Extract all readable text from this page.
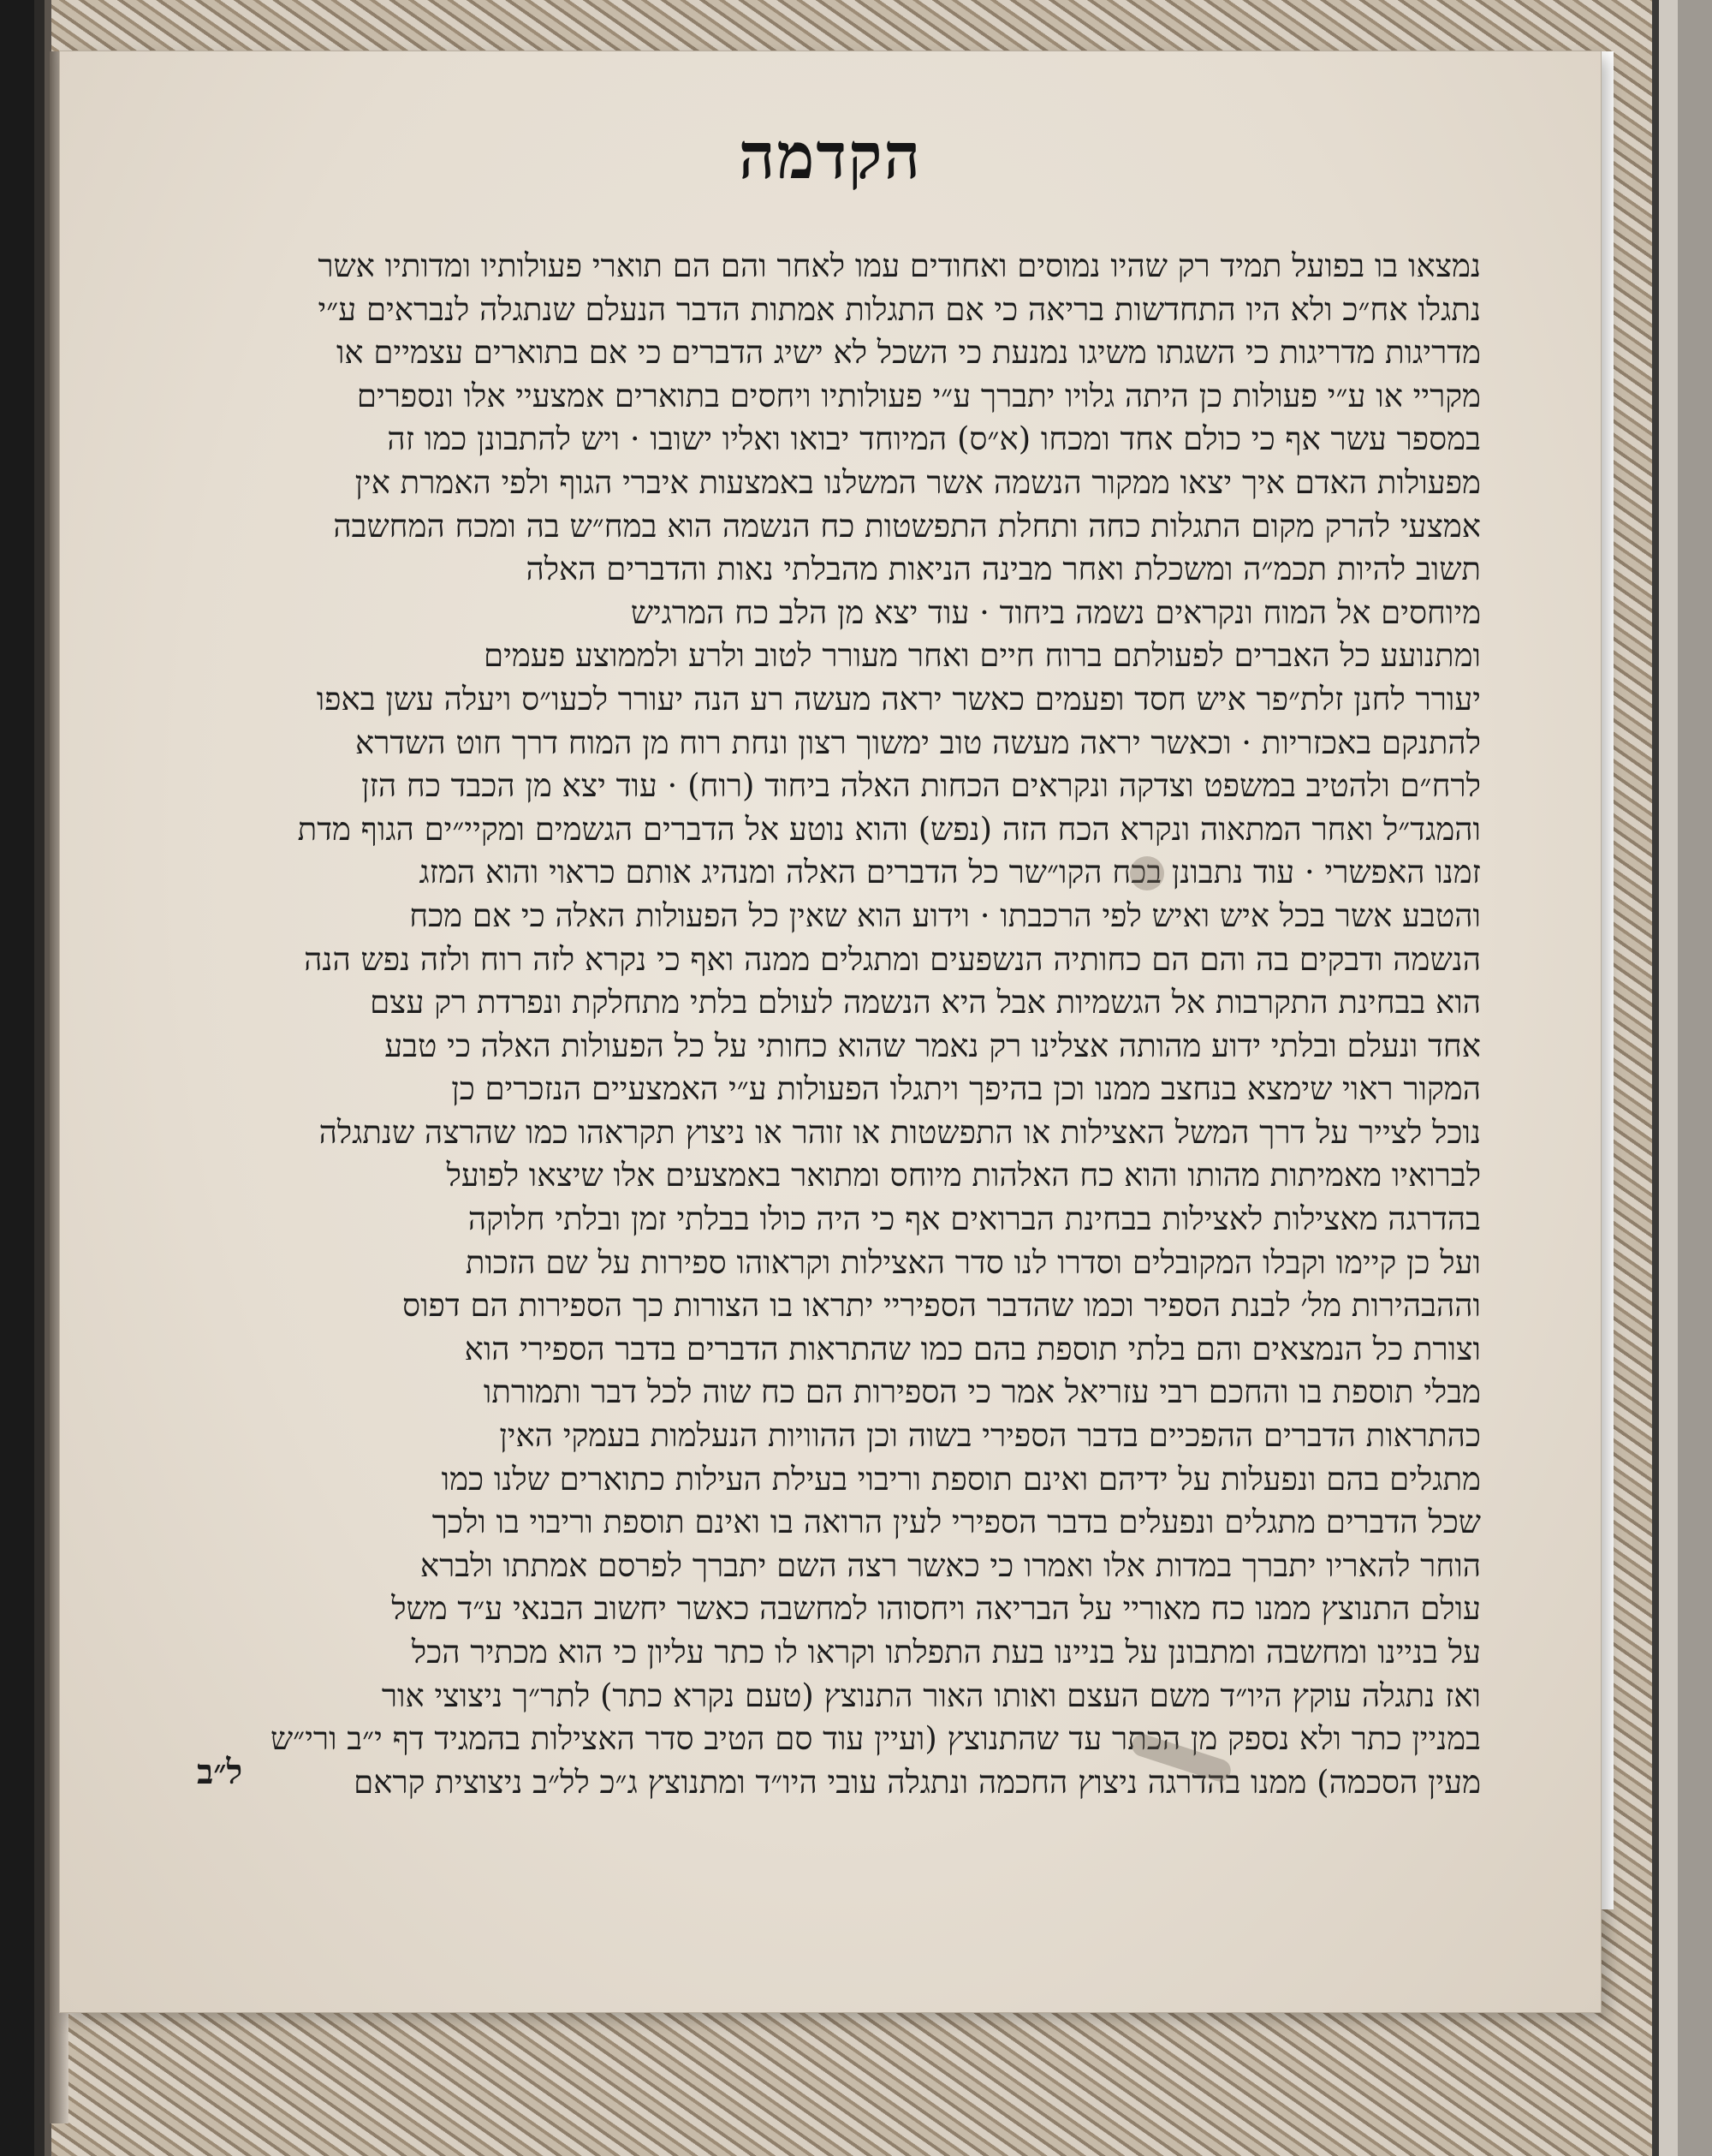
הקדמה
נמצאו בו בפועל תמיד רק שהיו נמוסים ואחודים עמו לאחר והם הם תוארי פעולותיו ומדותיו אשר
נתגלו אח״כ ולא היו התחדשות בריאה כי אם התגלות אמתות הדבר הנעלם שנתגלה לנבראים ע״י
מדריגות מדריגות כי השגתו משיגו נמנעת כי השכל לא ישיג הדברים כי אם בתוארים עצמיים או
מקריי או ע״י פעולות כן היתה גלויו יתברך ע״י פעולותיו ויחסים בתוארים אמצעיי אלו ונספרים
במספר עשר אף כי כולם אחד ומכחו (א״ס) המיוחד יבואו ואליו ישובו · ויש להתבונן כמו זה
מפעולות האדם איך יצאו ממקור הנשמה אשר המשלנו באמצעות איברי הגוף ולפי האמרת אין
אמצעי להרק מקום התגלות כחה ותחלת התפשטות כח הנשמה הוא במח״ש בה ומכח המחשבה
תשוב להיות תכמ״ה ומשכלת ואחר מבינה הניאות מהבלתי נאות והדברים האלה
מיוחסים אל המוח ונקראים נשמה ביחוד · עוד יצא מן הלב כח המרגיש
ומתנועע כל האברים לפעולתם ברוח חיים ואחר מעורר לטוב ולרע ולממוצע פעמים
יעורר לחנן זלת״פר איש חסד ופעמים כאשר יראה מעשה רע הנה יעורר לכעו״ס ויעלה עשן באפו
להתנקם באכזריות · וכאשר יראה מעשה טוב ימשוך רצון ונחת רוח מן המוח דרך חוט השדרא
לרח״ם ולהטיב במשפט וצדקה ונקראים הכחות האלה ביחוד (רוח) · עוד יצא מן הכבד כח הזן
והמגד״ל ואחר המתאוה ונקרא הכח הזה (נפש) והוא נוטע אל הדברים הגשמים ומקיי״ים הגוף מדת
זמנו האפשרי · עוד נתבונן בכח הקו״שר כל הדברים האלה ומנהיג אותם כראוי והוא המזג
והטבע אשר בכל איש ואיש לפי הרכבתו · וידוע הוא שאין כל הפעולות האלה כי אם מכח
הנשמה ודבקים בה והם הם כחותיה הנשפעים ומתגלים ממנה ואף כי נקרא לזה רוח ולזה נפש הנה
הוא בבחינת התקרבות אל הגשמיות אבל היא הנשמה לעולם בלתי מתחלקת ונפרדת רק עצם
אחד ונעלם ובלתי ידוע מהותה אצלינו רק נאמר שהוא כחותי על כל הפעולות האלה כי טבע
המקור ראוי שימצא בנחצב ממנו וכן בהיפך ויתגלו הפעולות ע״י האמצעיים הנזכרים כן
נוכל לצייר על דרך המשל האצילות או התפשטות או זוהר או ניצוץ תקראהו כמו שהרצה שנתגלה
לברואיו מאמיתות מהותו והוא כח האלהות מיוחס ומתואר באמצעים אלו שיצאו לפועל
בהדרגה מאצילות לאצילות בבחינת הברואים אף כי היה כולו בבלתי זמן ובלתי חלוקה
ועל כן קיימו וקבלו המקובלים וסדרו לנו סדר האצילות וקראוהו ספירות על שם הזכות
וההבהירות מל׳ לבנת הספיר וכמו שהדבר הספיריי יתראו בו הצורות כך הספירות הם דפוס
וצורת כל הנמצאים והם בלתי תוספת בהם כמו שהתראות הדברים בדבר הספירי הוא
מבלי תוספת בו והחכם רבי עזריאל אמר כי הספירות הם כח שוה לכל דבר ותמורתו
כהתראות הדברים ההפכיים בדבר הספירי בשוה וכן ההוויות הנעלמות בעמקי האין
מתגלים בהם ונפעלות על ידיהם ואינם תוספת וריבוי בעילת העילות כתוארים שלנו כמו
שכל הדברים מתגלים ונפעלים בדבר הספירי לעין הרואה בו ואינם תוספת וריבוי בו ולכך
הוחר להאריו יתברך במדות אלו ואמרו כי כאשר רצה השם יתברך לפרסם אמתתו ולברא
עולם התנוצץ ממנו כח מאוריי על הבריאה ויחסוהו למחשבה כאשר יחשוב הבנאי ע״ד משל
על בניינו ומחשבה ומתבונן על בניינו בעת התפלתו וקראו לו כתר עליון כי הוא מכתיר הכל
ואז נתגלה עוקץ היו״ד משם העצם ואותו האור התנוצץ (טעם נקרא כתר) לתר״ך ניצוצי אור
במניין כתר ולא נספק מן הכתר עד שהתנוצץ (ועיין עוד סם הטיב סדר האצילות בהמגיד דף י״ב ורי״ש
מעין הסכמה) ממנו בהדרגה ניצוץ החכמה ונתגלה עובי היו״ד ומתנוצץ ג״כ לל״ב ניצוצית קראם
ל״ב
